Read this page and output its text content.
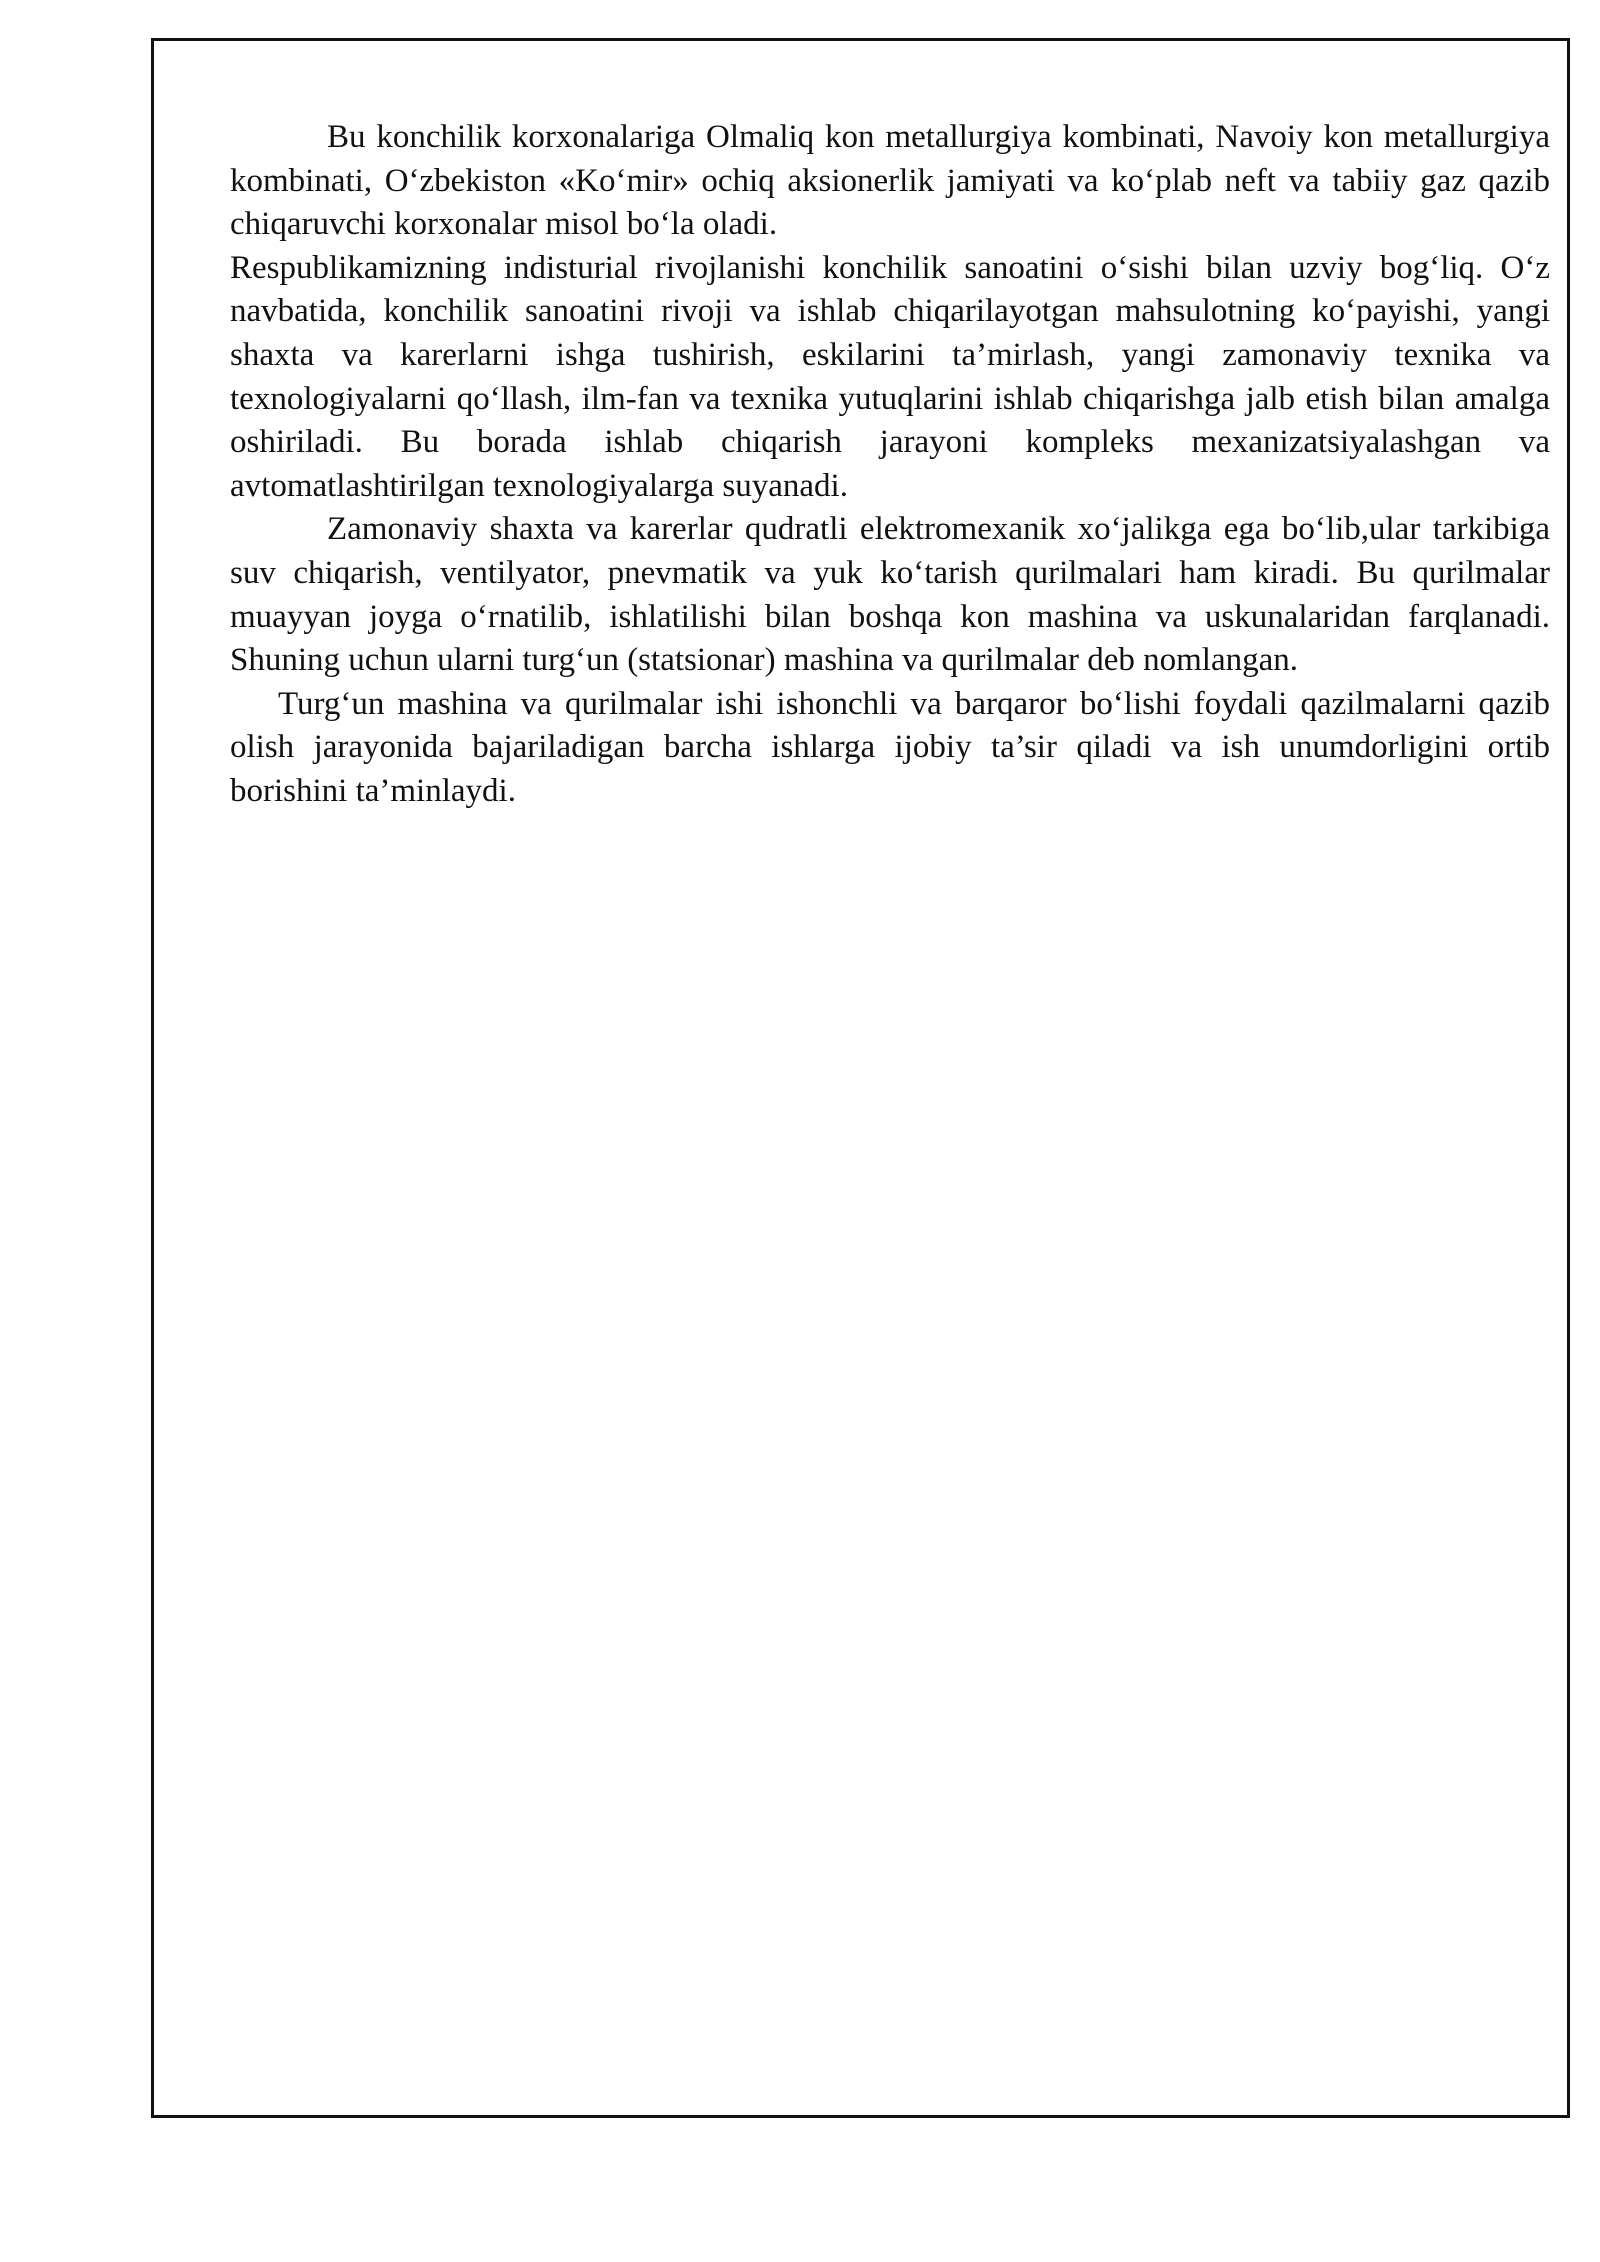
Bu konchilik korxonalariga Olmaliq kon metallurgiya kombinati, Navoiy kon metallurgiya kombinati, O‘zbekiston «Ko‘mir» ochiq aksionerlik jamiyati va ko‘plab neft va tabiiy gaz qazib chiqaruvchi korxonalar misol bo‘la oladi.

Respublikamizning indisturial rivojlanishi konchilik sanoatini o‘sishi bilan uzviy bog‘liq. O‘z navbatida, konchilik sanoatini rivoji va ishlab chiqarilayotgan mahsulotning ko‘payishi, yangi shaxta va karerlarni ishga tushirish, eskilarini ta’mirlash, yangi zamonaviy texnika va texnologiyalarni qo‘llash, ilm-fan va texnika yutuqlarini ishlab chiqarishga jalb etish bilan amalga oshiriladi. Bu borada ishlab chiqarish jarayoni kompleks mexanizatsiyalashgan va avtomatlashtirilgan texnologiyalarga suyanadi.

Zamonaviy shaxta va karerlar qudratli elektromexanik xo‘jalikga ega bo‘lib,ular tarkibiga suv chiqarish, ventilyator, pnevmatik va yuk ko‘tarish qurilmalari ham kiradi. Bu qurilmalar muayyan joyga o‘rnatilib, ishlatilishi bilan boshqa kon mashina va uskunalaridan farqlanadi. Shuning uchun ularni turg‘un (statsionar) mashina va qurilmalar deb nomlangan.

Turg‘un mashina va qurilmalar ishi ishonchli va barqaror bo‘lishi foydali qazilmalarni qazib olish jarayonida bajariladigan barcha ishlarga ijobiy ta’sir qiladi va ish unumdorligini ortib borishini ta’minlaydi.
